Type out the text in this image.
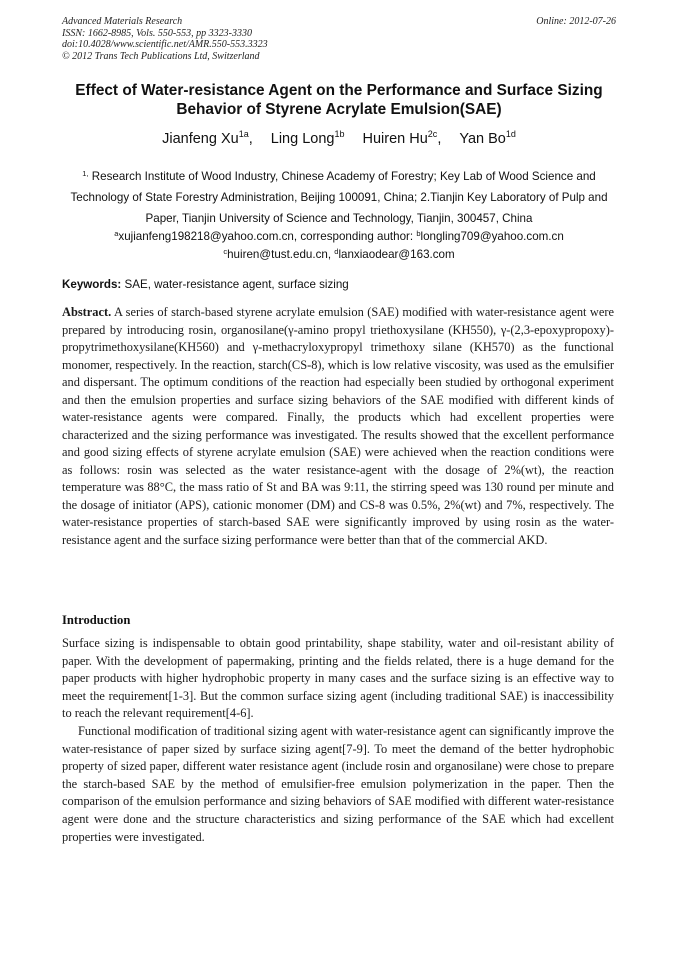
Advanced Materials Research
ISSN: 1662-8985, Vols. 550-553, pp 3323-3330
doi:10.4028/www.scientific.net/AMR.550-553.3323
© 2012 Trans Tech Publications Ltd, Switzerland
Online: 2012-07-26
Effect of Water-resistance Agent on the Performance and Surface Sizing Behavior of Styrene Acrylate Emulsion(SAE)
Jianfeng $Xu^{1a}$, Ling Long$^{1b}$ Huiren $Hu^{2c}$, Yan $Bo^{1d}$
$^{1,}$ Research Institute of Wood Industry, Chinese Academy of Forestry; Key Lab of Wood Science and Technology of State Forestry Administration, Beijing 100091, China; 2.Tianjin Key Laboratory of Pulp and Paper, Tianjin University of Science and Technology, Tianjin, 300457, China
$^a$xujianfeng198218@yahoo.com.cn, corresponding author: $^b$longling709@yahoo.com.cn
$^c$huiren@tust.edu.cn, $^d$lanxiaodear@163.com
Keywords: SAE, water-resistance agent, surface sizing
Abstract. A series of starch-based styrene acrylate emulsion (SAE) modified with water-resistance agent were prepared by introducing rosin, organosilane(γ-amino propyl triethoxysilane (KH550), γ-(2,3-epoxypropoxy)-propytrimethoxysilane(KH560) and γ-methacryloxypropyl trimethoxy silane (KH570) as the functional monomer, respectively. In the reaction, starch(CS-8), which is low relative viscosity, was used as the emulsifier and dispersant. The optimum conditions of the reaction had especially been studied by orthogonal experiment and then the emulsion properties and surface sizing behaviors of the SAE modified with different kinds of water-resistance agents were compared. Finally, the products which had excellent properties were characterized and the sizing performance was investigated. The results showed that the excellent performance and good sizing effects of styrene acrylate emulsion (SAE) were achieved when the reaction conditions were as follows: rosin was selected as the water resistance-agent with the dosage of 2%(wt), the reaction temperature was 88°C, the mass ratio of St and BA was 9:11, the stirring speed was 130 round per minute and the dosage of initiator (APS), cationic monomer (DM) and CS-8 was 0.5%, 2%(wt) and 7%, respectively. The water-resistance properties of starch-based SAE were significantly improved by using rosin as the water-resistance agent and the surface sizing performance were better than that of the commercial AKD.
Introduction

Surface sizing is indispensable to obtain good printability, shape stability, water and oil-resistant ability of paper. With the development of papermaking, printing and the fields related, there is a huge demand for the paper products with higher hydrophobic property in many cases and the surface sizing is an effective way to meet the requirement[1-3]. But the common surface sizing agent (including traditional SAE) is inaccessibility to reach the relevant requirement[4-6].

Functional modification of traditional sizing agent with water-resistance agent can significantly improve the water-resistance of paper sized by surface sizing agent[7-9]. To meet the demand of the better hydrophobic property of sized paper, different water resistance agent (include rosin and organosilane) were chose to prepare the starch-based SAE by the method of emulsifier-free emulsion polymerization in the paper. Then the comparison of the emulsion performance and sizing behaviors of SAE modified with different water-resistance agent were done and the structure characteristics and sizing performance of the SAE which had excellent properties were investigated.
